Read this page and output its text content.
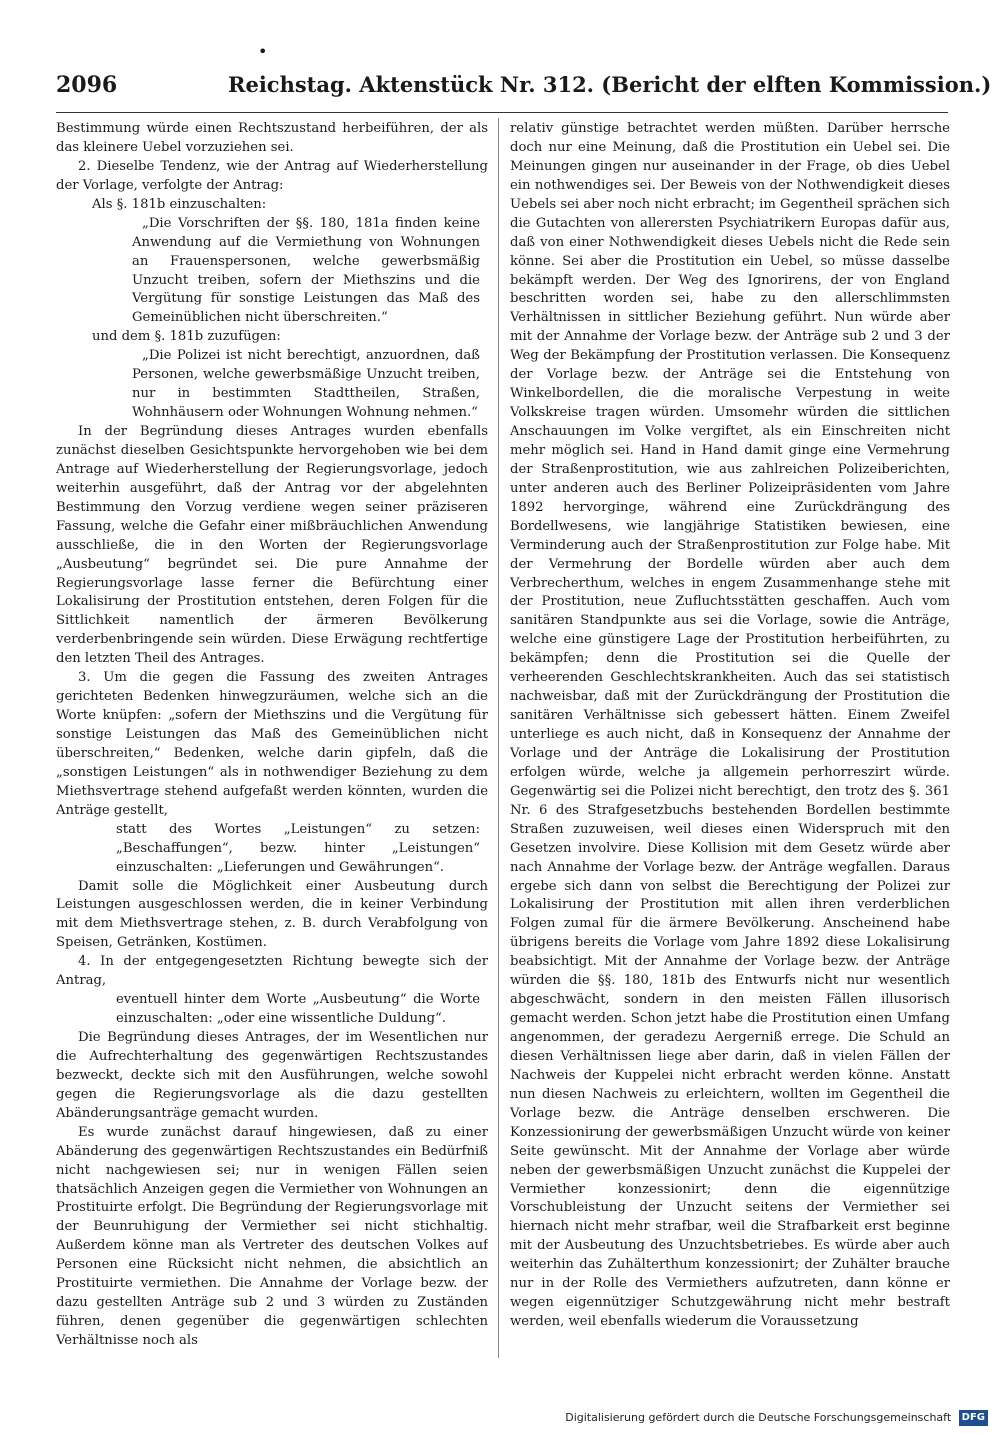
•
2096	Reichstag. Aktenstück Nr. 312. (Bericht der elften Kommission.)

Bestimmung würde einen Rechtszustand herbeiführen, der als das kleinere Uebel vorzuziehen sei.

2. Dieselbe Tendenz, wie der Antrag auf Wiederherstellung der Vorlage, verfolgte der Antrag:

Als §. 181b einzuschalten:

„Die Vorschriften der §§. 180, 181a finden keine Anwendung auf die Vermiethung von Wohnungen an Frauenspersonen, welche gewerbsmäßig Unzucht treiben, sofern der Miethszins und die Vergütung für sonstige Leistungen das Maß des Gemeinüblichen nicht überschreiten.“

und dem §. 181b zuzufügen:

„Die Polizei ist nicht berechtigt, anzuordnen, daß Personen, welche gewerbsmäßige Unzucht treiben, nur in bestimmten Stadttheilen, Straßen, Wohnhäusern oder Wohnungen Wohnung nehmen.“

In der Begründung dieses Antrages wurden ebenfalls zunächst dieselben Gesichtspunkte hervorgehoben wie bei dem Antrage auf Wiederherstellung der Regierungsvorlage, jedoch weiterhin ausgeführt, daß der Antrag vor der abgelehnten Bestimmung den Vorzug verdiene wegen seiner präziseren Fassung, welche die Gefahr einer mißbräuchlichen Anwendung ausschließe, die in den Worten der Regierungsvorlage „Ausbeutung“ begründet sei. Die pure Annahme der Regierungsvorlage lasse ferner die Befürchtung einer Lokalisirung der Prostitution entstehen, deren Folgen für die Sittlichkeit namentlich der ärmeren Bevölkerung verderbenbringende sein würden. Diese Erwägung rechtfertige den letzten Theil des Antrages.

3. Um die gegen die Fassung des zweiten Antrages gerichteten Bedenken hinwegzuräumen, welche sich an die Worte knüpfen: „sofern der Miethszins und die Vergütung für sonstige Leistungen das Maß des Gemeinüblichen nicht überschreiten,“ Bedenken, welche darin gipfeln, daß die „sonstigen Leistungen“ als in nothwendiger Beziehung zu dem Miethsvertrage stehend aufgefaßt werden könnten, wurden die Anträge gestellt,

statt des Wortes „Leistungen“ zu setzen: „Beschaffungen“, bezw. hinter „Leistungen“ einzuschalten: „Lieferungen und Gewährungen“.

Damit solle die Möglichkeit einer Ausbeutung durch Leistungen ausgeschlossen werden, die in keiner Verbindung mit dem Miethsvertrage stehen, z. B. durch Verabfolgung von Speisen, Getränken, Kostümen.

4. In der entgegengesetzten Richtung bewegte sich der Antrag,

eventuell hinter dem Worte „Ausbeutung“ die Worte einzuschalten: „oder eine wissentliche Duldung“.

Die Begründung dieses Antrages, der im Wesentlichen nur die Aufrechterhaltung des gegenwärtigen Rechtszustandes bezweckt, deckte sich mit den Ausführungen, welche sowohl gegen die Regierungsvorlage als die dazu gestellten Abänderungsanträge gemacht wurden.

Es wurde zunächst darauf hingewiesen, daß zu einer Abänderung des gegenwärtigen Rechtszustandes ein Bedürfniß nicht nachgewiesen sei; nur in wenigen Fällen seien thatsächlich Anzeigen gegen die Vermiether von Wohnungen an Prostituirte erfolgt. Die Begründung der Regierungsvorlage mit der Beunruhigung der Vermiether sei nicht stichhaltig. Außerdem könne man als Vertreter des deutschen Volkes auf Personen eine Rücksicht nicht nehmen, die absichtlich an Prostituirte vermiethen. Die Annahme der Vorlage bezw. der dazu gestellten Anträge sub 2 und 3 würden zu Zuständen führen, denen gegenüber die gegenwärtigen schlechten Verhältnisse noch als

relativ günstige betrachtet werden müßten. Darüber herrsche doch nur eine Meinung, daß die Prostitution ein Uebel sei. Die Meinungen gingen nur auseinander in der Frage, ob dies Uebel ein nothwendiges sei. Der Beweis von der Nothwendigkeit dieses Uebels sei aber noch nicht erbracht; im Gegentheil sprächen sich die Gutachten von allerersten Psychiatrikern Europas dafür aus, daß von einer Nothwendigkeit dieses Uebels nicht die Rede sein könne. Sei aber die Prostitution ein Uebel, so müsse dasselbe bekämpft werden. Der Weg des Ignorirens, der von England beschritten worden sei, habe zu den allerschlimmsten Verhältnissen in sittlicher Beziehung geführt. Nun würde aber mit der Annahme der Vorlage bezw. der Anträge sub 2 und 3 der Weg der Bekämpfung der Prostitution verlassen. Die Konsequenz der Vorlage bezw. der Anträge sei die Entstehung von Winkelbordellen, die die moralische Verpestung in weite Volkskreise tragen würden. Umsomehr würden die sittlichen Anschauungen im Volke vergiftet, als ein Einschreiten nicht mehr möglich sei. Hand in Hand damit ginge eine Vermehrung der Straßenprostitution, wie aus zahlreichen Polizeiberichten, unter anderen auch des Berliner Polizeipräsidenten vom Jahre 1892 hervorginge, während eine Zurückdrängung des Bordellwesens, wie langjährige Statistiken bewiesen, eine Verminderung auch der Straßenprostitution zur Folge habe. Mit der Vermehrung der Bordelle würden aber auch dem Verbrecherthum, welches in engem Zusammenhange stehe mit der Prostitution, neue Zufluchtsstätten geschaffen. Auch vom sanitären Standpunkte aus sei die Vorlage, sowie die Anträge, welche eine günstigere Lage der Prostitution herbeiführten, zu bekämpfen; denn die Prostitution sei die Quelle der verheerenden Geschlechtskrankheiten. Auch das sei statistisch nachweisbar, daß mit der Zurückdrängung der Prostitution die sanitären Verhältnisse sich gebessert hätten. Einem Zweifel unterliege es auch nicht, daß in Konsequenz der Annahme der Vorlage und der Anträge die Lokalisirung der Prostitution erfolgen würde, welche ja allgemein perhorreszirt würde. Gegenwärtig sei die Polizei nicht berechtigt, den trotz des §. 361 Nr. 6 des Strafgesetzbuchs bestehenden Bordellen bestimmte Straßen zuzuweisen, weil dieses einen Widerspruch mit den Gesetzen involvire. Diese Kollision mit dem Gesetz würde aber nach Annahme der Vorlage bezw. der Anträge wegfallen. Daraus ergebe sich dann von selbst die Berechtigung der Polizei zur Lokalisirung der Prostitution mit allen ihren verderblichen Folgen zumal für die ärmere Bevölkerung. Anscheinend habe übrigens bereits die Vorlage vom Jahre 1892 diese Lokalisirung beabsichtigt. Mit der Annahme der Vorlage bezw. der Anträge würden die §§. 180, 181b des Entwurfs nicht nur wesentlich abgeschwächt, sondern in den meisten Fällen illusorisch gemacht werden. Schon jetzt habe die Prostitution einen Umfang angenommen, der geradezu Aergerniß errege. Die Schuld an diesen Verhältnissen liege aber darin, daß in vielen Fällen der Nachweis der Kuppelei nicht erbracht werden könne. Anstatt nun diesen Nachweis zu erleichtern, wollten im Gegentheil die Vorlage bezw. die Anträge denselben erschweren. Die Konzessionirung der gewerbsmäßigen Unzucht würde von keiner Seite gewünscht. Mit der Annahme der Vorlage aber würde neben der gewerbsmäßigen Unzucht zunächst die Kuppelei der Vermiether konzessionirt; denn die eigennützige Vorschubleistung der Unzucht seitens der Vermiether sei hiernach nicht mehr strafbar, weil die Strafbarkeit erst beginne mit der Ausbeutung des Unzuchtsbetriebes. Es würde aber auch weiterhin das Zuhälterthum konzessionirt; der Zuhälter brauche nur in der Rolle des Vermiethers aufzutreten, dann könne er wegen eigennütziger Schutzgewährung nicht mehr bestraft werden, weil ebenfalls wiederum die Voraussetzung

Digitalisierung gefördert durch die Deutsche Forschungsgemeinschaft DFG
